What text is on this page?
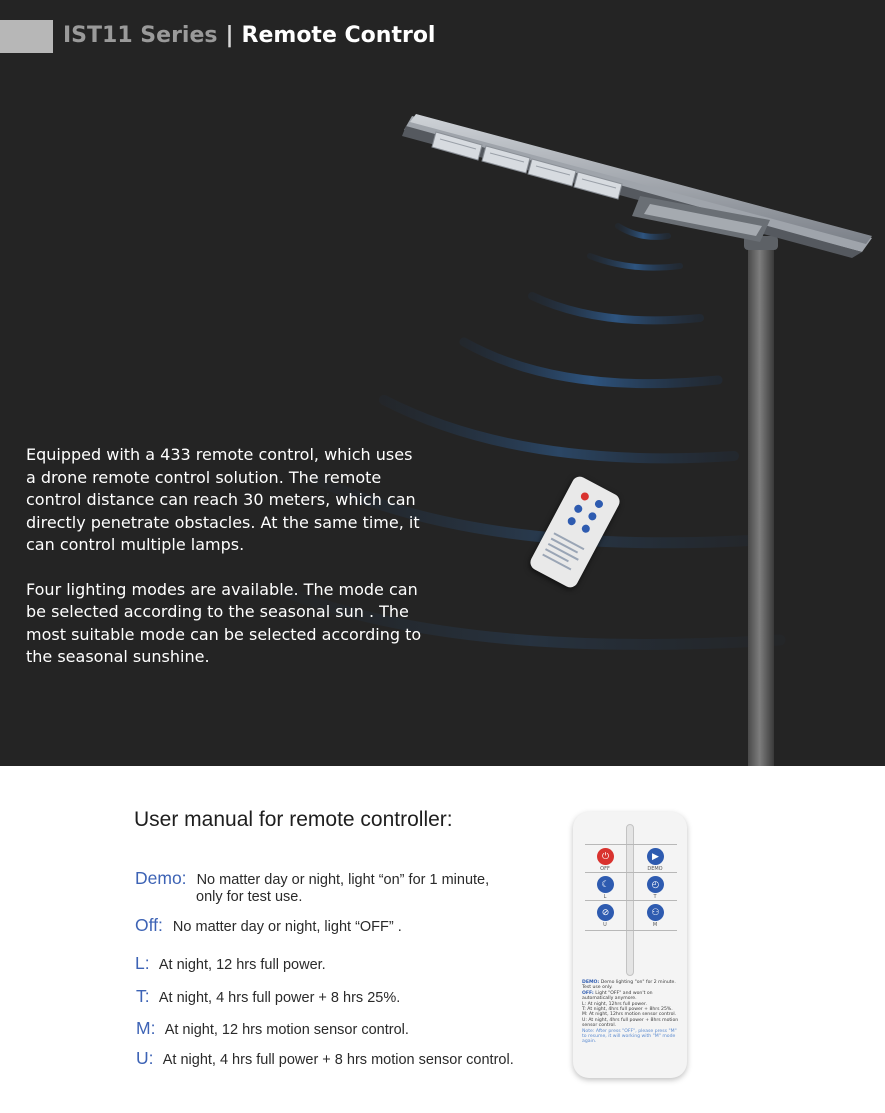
IST11 Series | Remote Control

Equipped with a 433 remote control, which uses a drone remote control solution. The remote control distance can reach 30 meters, which can directly penetrate obstacles. At the same time, it can control multiple lamps.

Four lighting modes are available. The mode can be selected according to the seasonal sun . The most suitable mode can be selected according to the seasonal sunshine.

User manual for remote controller:
Demo: No matter day or night, light “on” for 1 minute,
only for test use.
Off: No matter day or night, light “OFF” .
L: At night, 12 hrs full power.
T: At night, 4 hrs full power + 8 hrs 25%.
M: At night, 12 hrs motion sensor control.
U: At night, 4 hrs full power + 8 hrs motion sensor control.
⏻
OFF
▶
DEMO
☾
L
◴
T
⊘
U
⚇
M
DEMO: Demo lighting "on" for 2 minute. Test use only.
OFF: Light "OFF" and won't on automatically anymore.
L: At night, 12hrs full power.
T: At night, 4hrs full power + 8hrs 25%.
M: At night, 12hrs motion sensor control.
U: At night, 4hrs full power + 8hrs motion sensor control.
Note: After press "OFF", please press "M" to resume, it will working with "M" mode again.
